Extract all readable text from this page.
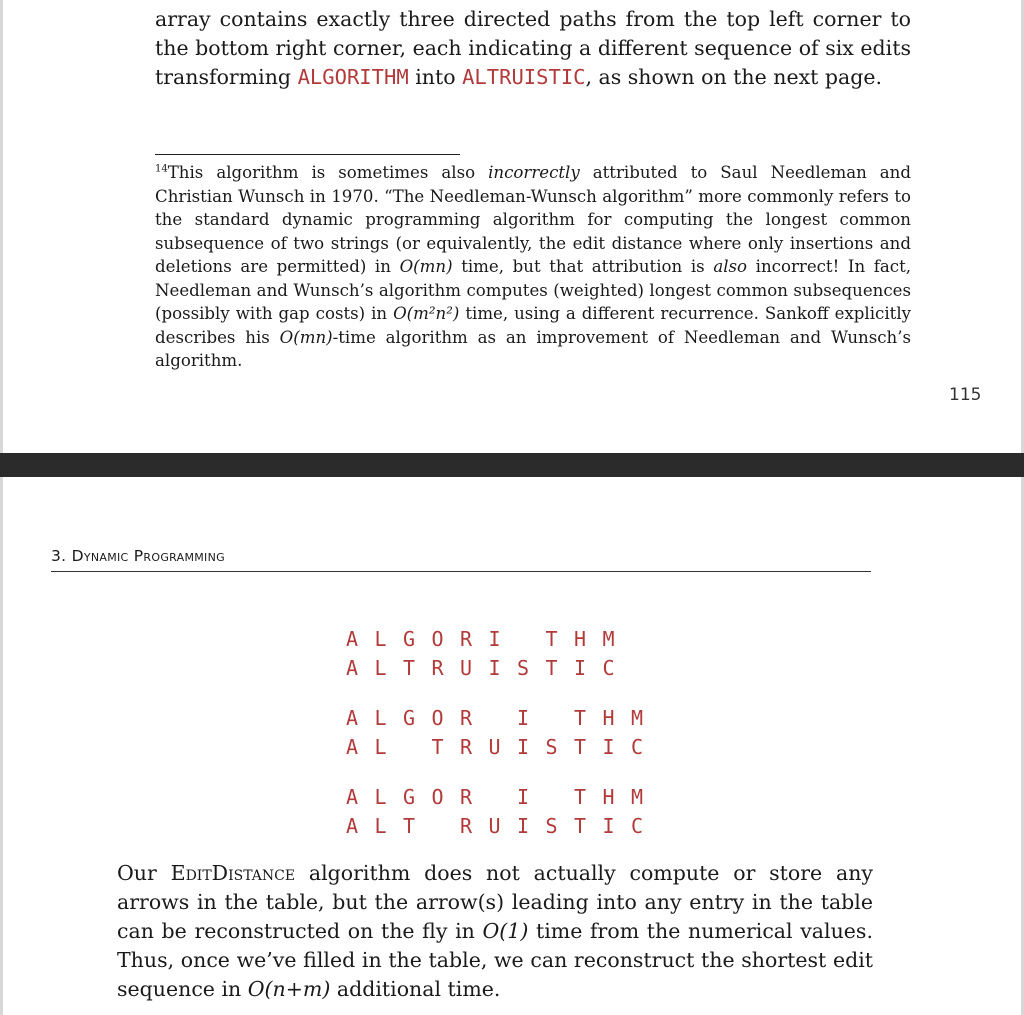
array contains exactly three directed paths from the top left corner to the bottom right corner, each indicating a different sequence of six edits transforming ALGORITHM into ALTRUISTIC, as shown on the next page.
$^{14}$This algorithm is sometimes also incorrectly attributed to Saul Needleman and Christian Wunsch in 1970. “The Needleman-Wunsch algorithm” more commonly refers to the standard dynamic programming algorithm for computing the longest common subsequence of two strings (or equivalently, the edit distance where only insertions and deletions are permitted) in O(mn) time, but that attribution is also incorrect! In fact, Needleman and Wunsch’s algorithm computes (weighted) longest common subsequences (possibly with gap costs) in O(m²n²) time, using a different recurrence. Sankoff explicitly describes his O(mn)-time algorithm as an improvement of Needleman and Wunsch’s algorithm.
115
3. Dynamic Programming
A L G O R I	T H M
A L T R U I S T I C
A L G O R	I	T H M
A L	T R U I S T I C
A L G O R	I	T H M
A L T	R U I S T I C
Our EditDistance algorithm does not actually compute or store any arrows in the table, but the arrow(s) leading into any entry in the table can be reconstructed on the fly in O(1) time from the numerical values. Thus, once we’ve filled in the table, we can reconstruct the shortest edit sequence in O(n+m) additional time.
